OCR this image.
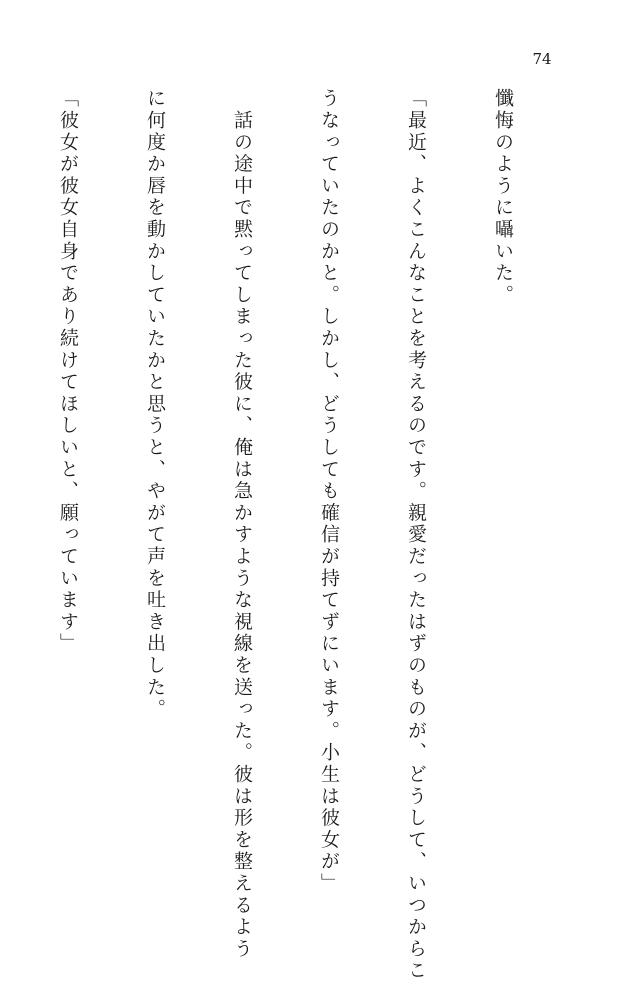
74

懺悔のように囁いた。

「最近、よくこんなことを考えるのです。親愛だったはずのものが、どうして、いつからこ

うなっていたのかと。しかし、どうしても確信が持てずにいます。小生は彼女が」

　話の途中で黙ってしまった彼に、俺は急かすような視線を送った。彼は形を整えるよう

に何度か唇を動かしていたかと思うと、やがて声を吐き出した。

「彼女が彼女自身であり続けてほしいと、願っています」
